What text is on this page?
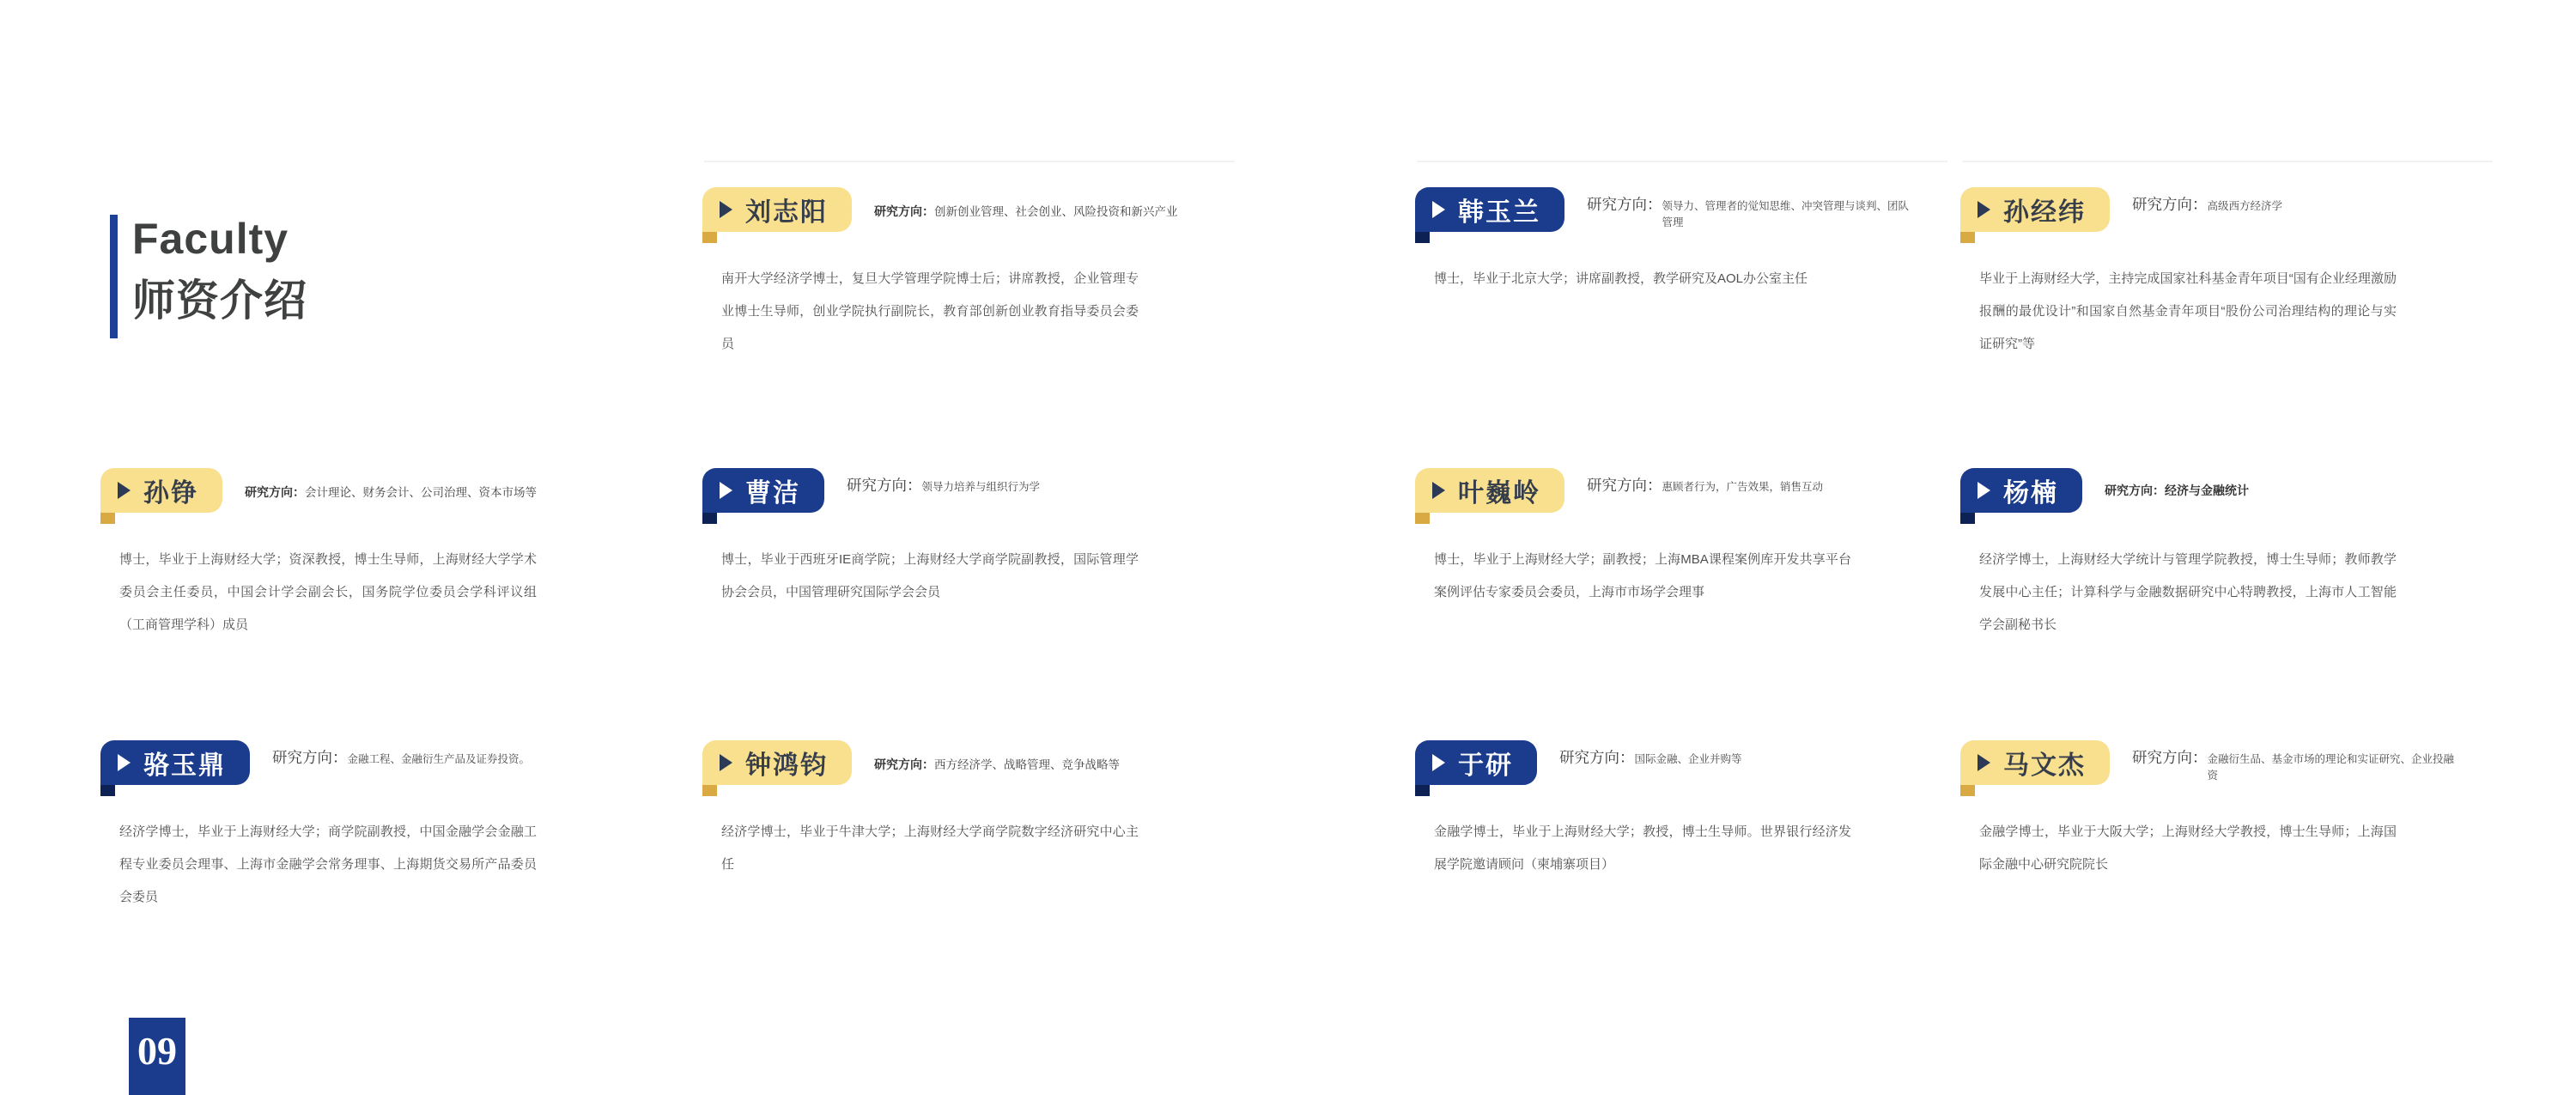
Faculty
师资介绍
刘志阳	研究方向： 创新创业管理、社会创业、风险投资和新兴产业

南开大学经济学博士，复旦大学管理学院博士后；讲席教授，企业管理专业博士生导师，创业学院执行副院长，教育部创新创业教育指导委员会委员

韩玉兰	研究方向： 领导力、管理者的觉知思维、冲突管理与谈判、团队管理

博士，毕业于北京大学；讲席副教授，教学研究及AOL办公室主任

孙经纬	研究方向： 高级西方经济学

毕业于上海财经大学，主持完成国家社科基金青年项目“国有企业经理激励报酬的最优设计”和国家自然基金青年项目“股份公司治理结构的理论与实证研究”等

孙铮	研究方向： 会计理论、财务会计、公司治理、资本市场等

博士，毕业于上海财经大学；资深教授，博士生导师，上海财经大学学术委员会主任委员，中国会计学会副会长，国务院学位委员会学科评议组（工商管理学科）成员

曹洁	研究方向： 领导力培养与组织行为学

博士，毕业于西班牙IE商学院；上海财经大学商学院副教授，国际管理学协会会员，中国管理研究国际学会会员

叶巍岭	研究方向： 惠顾者行为，广告效果，销售互动

博士，毕业于上海财经大学；副教授；上海MBA课程案例库开发共享平台案例评估专家委员会委员，上海市市场学会理事

杨楠	研究方向： 经济与金融统计

经济学博士，上海财经大学统计与管理学院教授，博士生导师；教师教学发展中心主任；计算科学与金融数据研究中心特聘教授，上海市人工智能学会副秘书长

骆玉鼎	研究方向： 金融工程、金融衍生产品及证券投资。

经济学博士，毕业于上海财经大学；商学院副教授，中国金融学会金融工程专业委员会理事、上海市金融学会常务理事、上海期货交易所产品委员会委员

钟鸿钧	研究方向： 西方经济学、战略管理、竞争战略等

经济学博士，毕业于牛津大学；上海财经大学商学院数字经济研究中心主任

于研	研究方向： 国际金融、企业并购等

金融学博士，毕业于上海财经大学；教授，博士生导师。世界银行经济发展学院邀请顾问（柬埔寨项目）

马文杰	研究方向： 金融衍生品、基金市场的理论和实证研究、企业投融资

金融学博士，毕业于大阪大学；上海财经大学教授，博士生导师；上海国际金融中心研究院院长

09
